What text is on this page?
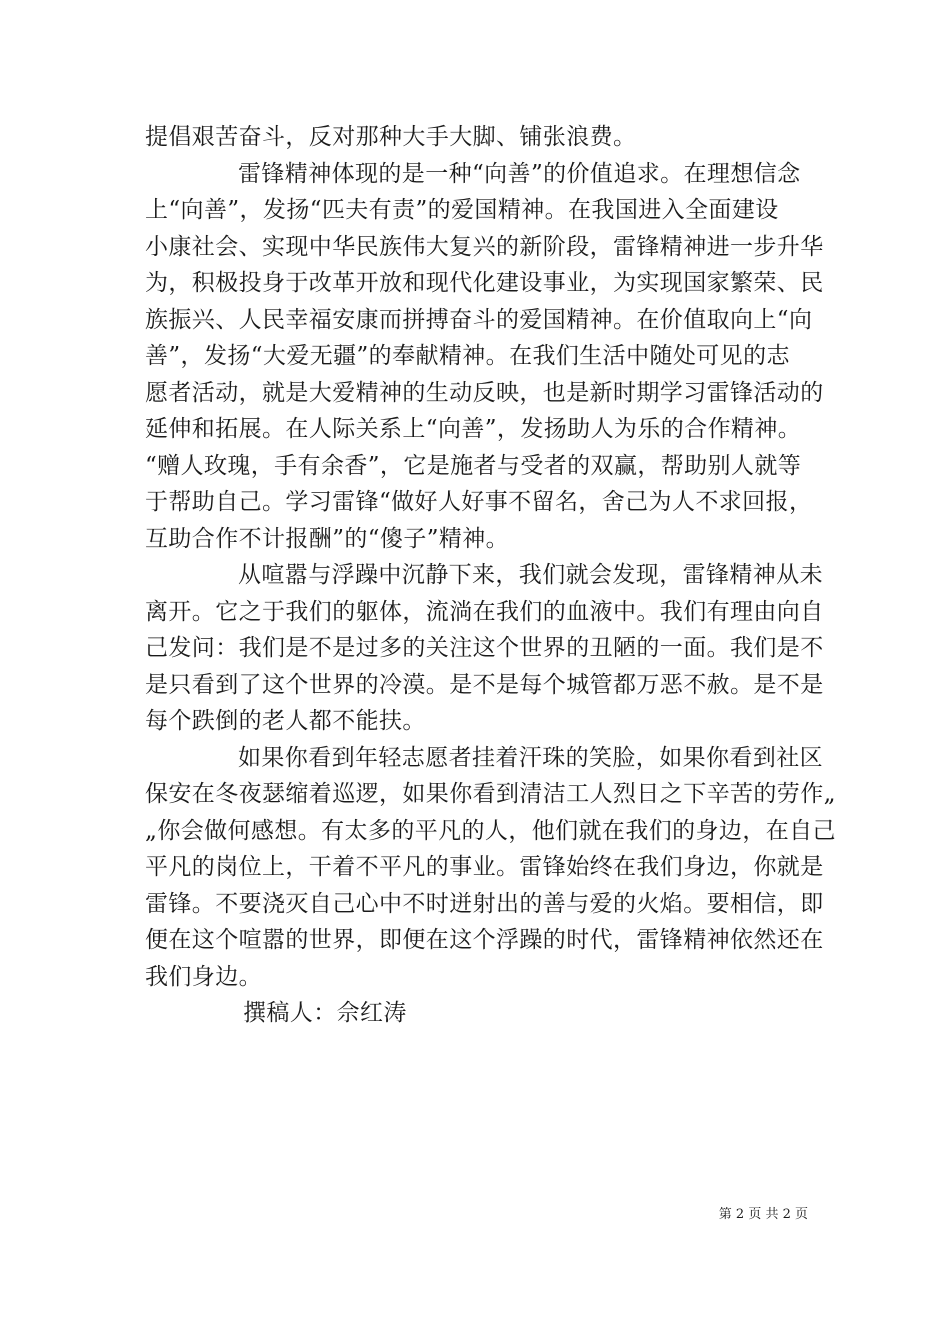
提倡艰苦奋斗，反对那种大手大脚、铺张浪费。
雷锋精神体现的是一种“向善”的价值追求。在理想信念
上“向善”，发扬“匹夫有责”的爱国精神。在我国进入全面建设
小康社会、实现中华民族伟大复兴的新阶段，雷锋精神进一步升华
为，积极投身于改革开放和现代化建设事业，为实现国家繁荣、民
族振兴、人民幸福安康而拼搏奋斗的爱国精神。在价值取向上“向
善”，发扬“大爱无疆”的奉献精神。在我们生活中随处可见的志
愿者活动，就是大爱精神的生动反映，也是新时期学习雷锋活动的
延伸和拓展。在人际关系上“向善”，发扬助人为乐的合作精神。
“赠人玫瑰，手有余香”，它是施者与受者的双赢，帮助别人就等
于帮助自己。学习雷锋“做好人好事不留名，舍己为人不求回报，
互助合作不计报酬”的“傻子”精神。
从喧嚣与浮躁中沉静下来，我们就会发现，雷锋精神从未
离开。它之于我们的躯体，流淌在我们的血液中。我们有理由向自
己发问：我们是不是过多的关注这个世界的丑陋的一面。我们是不
是只看到了这个世界的冷漠。是不是每个城管都万恶不赦。是不是
每个跌倒的老人都不能扶。
如果你看到年轻志愿者挂着汗珠的笑脸，如果你看到社区
保安在冬夜瑟缩着巡逻，如果你看到清洁工人烈日之下辛苦的劳作„
„你会做何感想。有太多的平凡的人，他们就在我们的身边，在自己
平凡的岗位上，干着不平凡的事业。雷锋始终在我们身边，你就是
雷锋。不要浇灭自己心中不时迸射出的善与爱的火焰。要相信，即
便在这个喧嚣的世界，即便在这个浮躁的时代，雷锋精神依然还在
我们身边。
撰稿人：佘红涛
第 2 页 共 2 页
